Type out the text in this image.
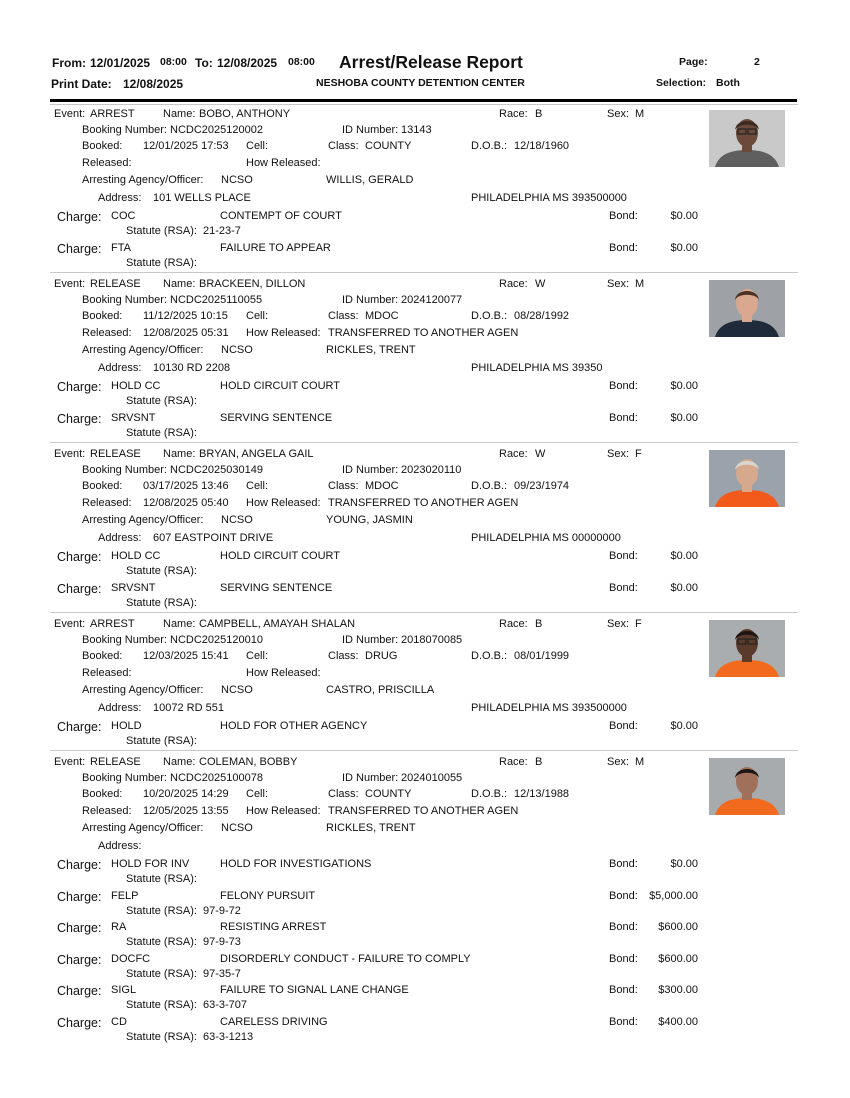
From: 12/01/2025 08:00 To: 12/08/2025 08:00 Arrest/Release Report	Page:	2
Print Date: 12/08/2025	NESHOBA COUNTY DETENTION CENTER	Selection: Both
Event: ARREST	Name: BOBO, ANTHONY	Race: B	Sex: M
Booking Number: NCDC2025120002	ID Number: 13143
Booked: 12/01/2025 17:53 Cell:	Class: COUNTY	D.O.B.: 12/18/1960
Released:	How Released:
Arresting Agency/Officer: NCSO	WILLIS, GERALD
Address: 101 WELLS PLACE	PHILADELPHIA MS 393500000
Charge: COC	CONTEMPT OF COURT	Bond:	$0.00
Statute (RSA): 21-23-7
Charge: FTA	FAILURE TO APPEAR	Bond:	$0.00
Statute (RSA):
Event: RELEASE Name: BRACKEEN, DILLON	Race: W	Sex: M
Booking Number: NCDC2025110055	ID Number: 2024120077
Booked: 11/12/2025 10:15 Cell:	Class: MDOC	D.O.B.: 08/28/1992
Released: 12/08/2025 05:31 How Released: TRANSFERRED TO ANOTHER AGEN
Arresting Agency/Officer: NCSO	RICKLES, TRENT
Address: 10130 RD 2208	PHILADELPHIA MS 39350
Charge: HOLD CC	HOLD CIRCUIT COURT	Bond:	$0.00
Statute (RSA):
Charge: SRVSNT	SERVING SENTENCE	Bond:	$0.00
Statute (RSA):
Event: RELEASE Name: BRYAN, ANGELA GAIL	Race: W	Sex: F
Booking Number: NCDC2025030149	ID Number: 2023020110
Booked: 03/17/2025 13:46 Cell:	Class: MDOC	D.O.B.: 09/23/1974
Released: 12/08/2025 05:40 How Released: TRANSFERRED TO ANOTHER AGEN
Arresting Agency/Officer: NCSO	YOUNG, JASMIN
Address: 607 EASTPOINT DRIVE	PHILADELPHIA MS 00000000
Charge: HOLD CC	HOLD CIRCUIT COURT	Bond:	$0.00
Statute (RSA):
Charge: SRVSNT	SERVING SENTENCE	Bond:	$0.00
Statute (RSA):
Event: ARREST	Name: CAMPBELL, AMAYAH SHALAN	Race: B	Sex: F
Booking Number: NCDC2025120010	ID Number: 2018070085
Booked: 12/03/2025 15:41 Cell:	Class: DRUG	D.O.B.: 08/01/1999
Released:	How Released:
Arresting Agency/Officer: NCSO	CASTRO, PRISCILLA
Address: 10072 RD 551	PHILADELPHIA MS 393500000
Charge: HOLD	HOLD FOR OTHER AGENCY	Bond:	$0.00
Statute (RSA):
Event: RELEASE Name: COLEMAN, BOBBY	Race: B	Sex: M
Booking Number: NCDC2025100078	ID Number: 2024010055
Booked: 10/20/2025 14:29 Cell:	Class: COUNTY	D.O.B.: 12/13/1988
Released: 12/05/2025 13:55 How Released: TRANSFERRED TO ANOTHER AGEN
Arresting Agency/Officer: NCSO	RICKLES, TRENT
Address:
Charge: HOLD FOR INV	HOLD FOR INVESTIGATIONS	Bond:	$0.00
Statute (RSA):
Charge: FELP	FELONY PURSUIT	Bond: $5,000.00
Statute (RSA): 97-9-72
Charge: RA	RESISTING ARREST	Bond: $600.00
Statute (RSA): 97-9-73
Charge: DOCFC	DISORDERLY CONDUCT - FAILURE TO COMPLY	Bond: $600.00
Statute (RSA): 97-35-7
Charge: SIGL	FAILURE TO SIGNAL LANE CHANGE	Bond: $300.00
Statute (RSA): 63-3-707
Charge: CD	CARELESS DRIVING	Bond: $400.00
Statute (RSA): 63-3-1213
